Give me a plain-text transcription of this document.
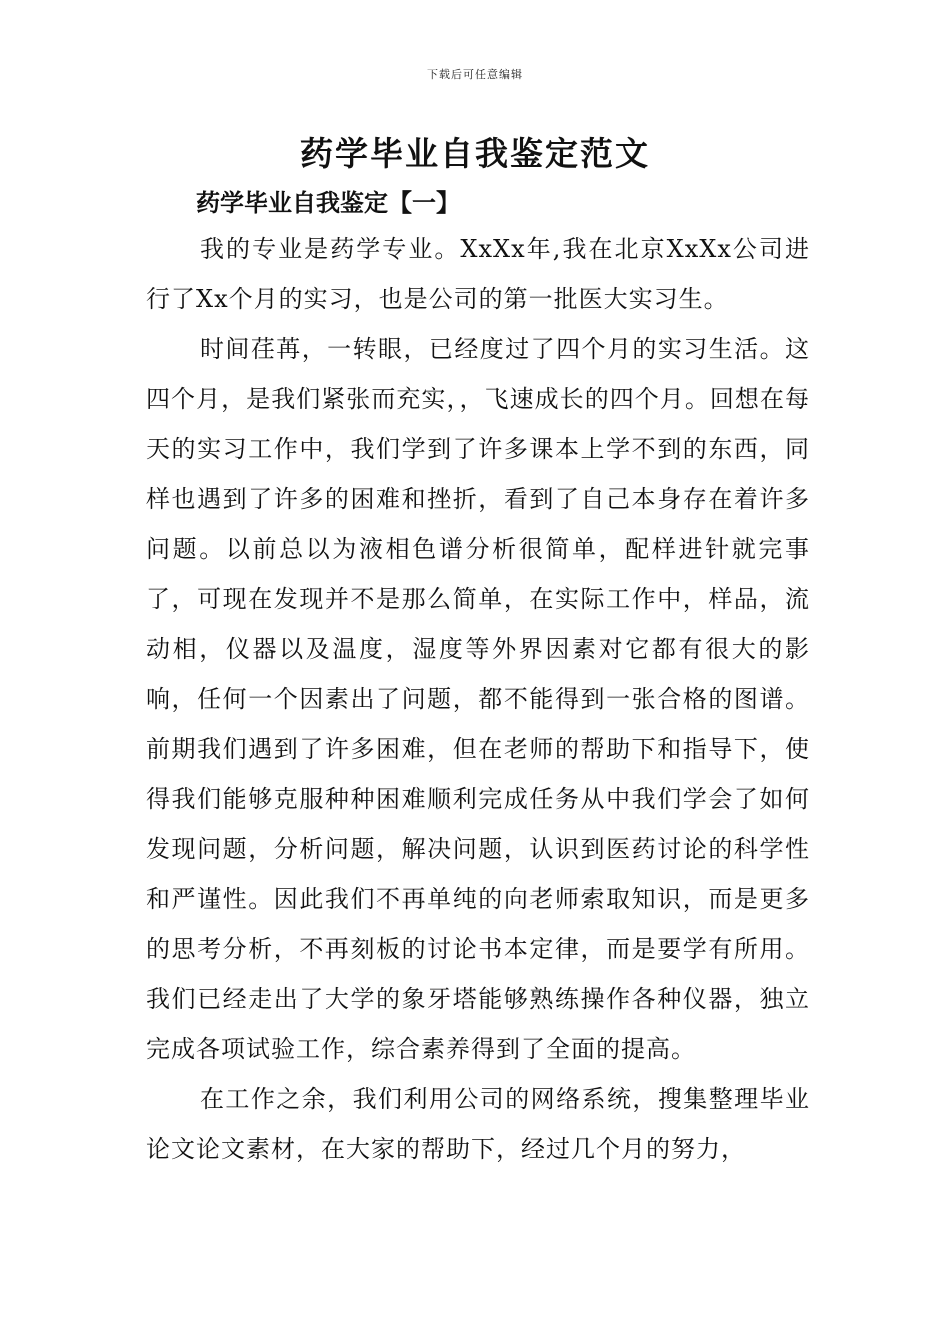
下载后可任意编辑
药学毕业自我鉴定范文
药学毕业自我鉴定【一】

我的专业是药学专业。XxXx年,我在北京XxXx公司进行了Xx个月的实习，也是公司的第一批医大实习生。

时间荏苒，一转眼，已经度过了四个月的实习生活。这四个月，是我们紧张而充实，，飞速成长的四个月。回想在每天的实习工作中，我们学到了许多课本上学不到的东西，同样也遇到了许多的困难和挫折，看到了自己本身存在着许多问题。以前总以为液相色谱分析很简单，配样进针就完事了，可现在发现并不是那么简单，在实际工作中，样品，流动相，仪器以及温度，湿度等外界因素对它都有很大的影响，任何一个因素出了问题，都不能得到一张合格的图谱。前期我们遇到了许多困难，但在老师的帮助下和指导下，使得我们能够克服种种困难顺利完成任务从中我们学会了如何发现问题，分析问题，解决问题，认识到医药讨论的科学性和严谨性。因此我们不再单纯的向老师索取知识，而是更多的思考分析，不再刻板的讨论书本定律，而是要学有所用。我们已经走出了大学的象牙塔能够熟练操作各种仪器，独立完成各项试验工作，综合素养得到了全面的提高。

在工作之余，我们利用公司的网络系统，搜集整理毕业论文论文素材，在大家的帮助下，经过几个月的努力，
